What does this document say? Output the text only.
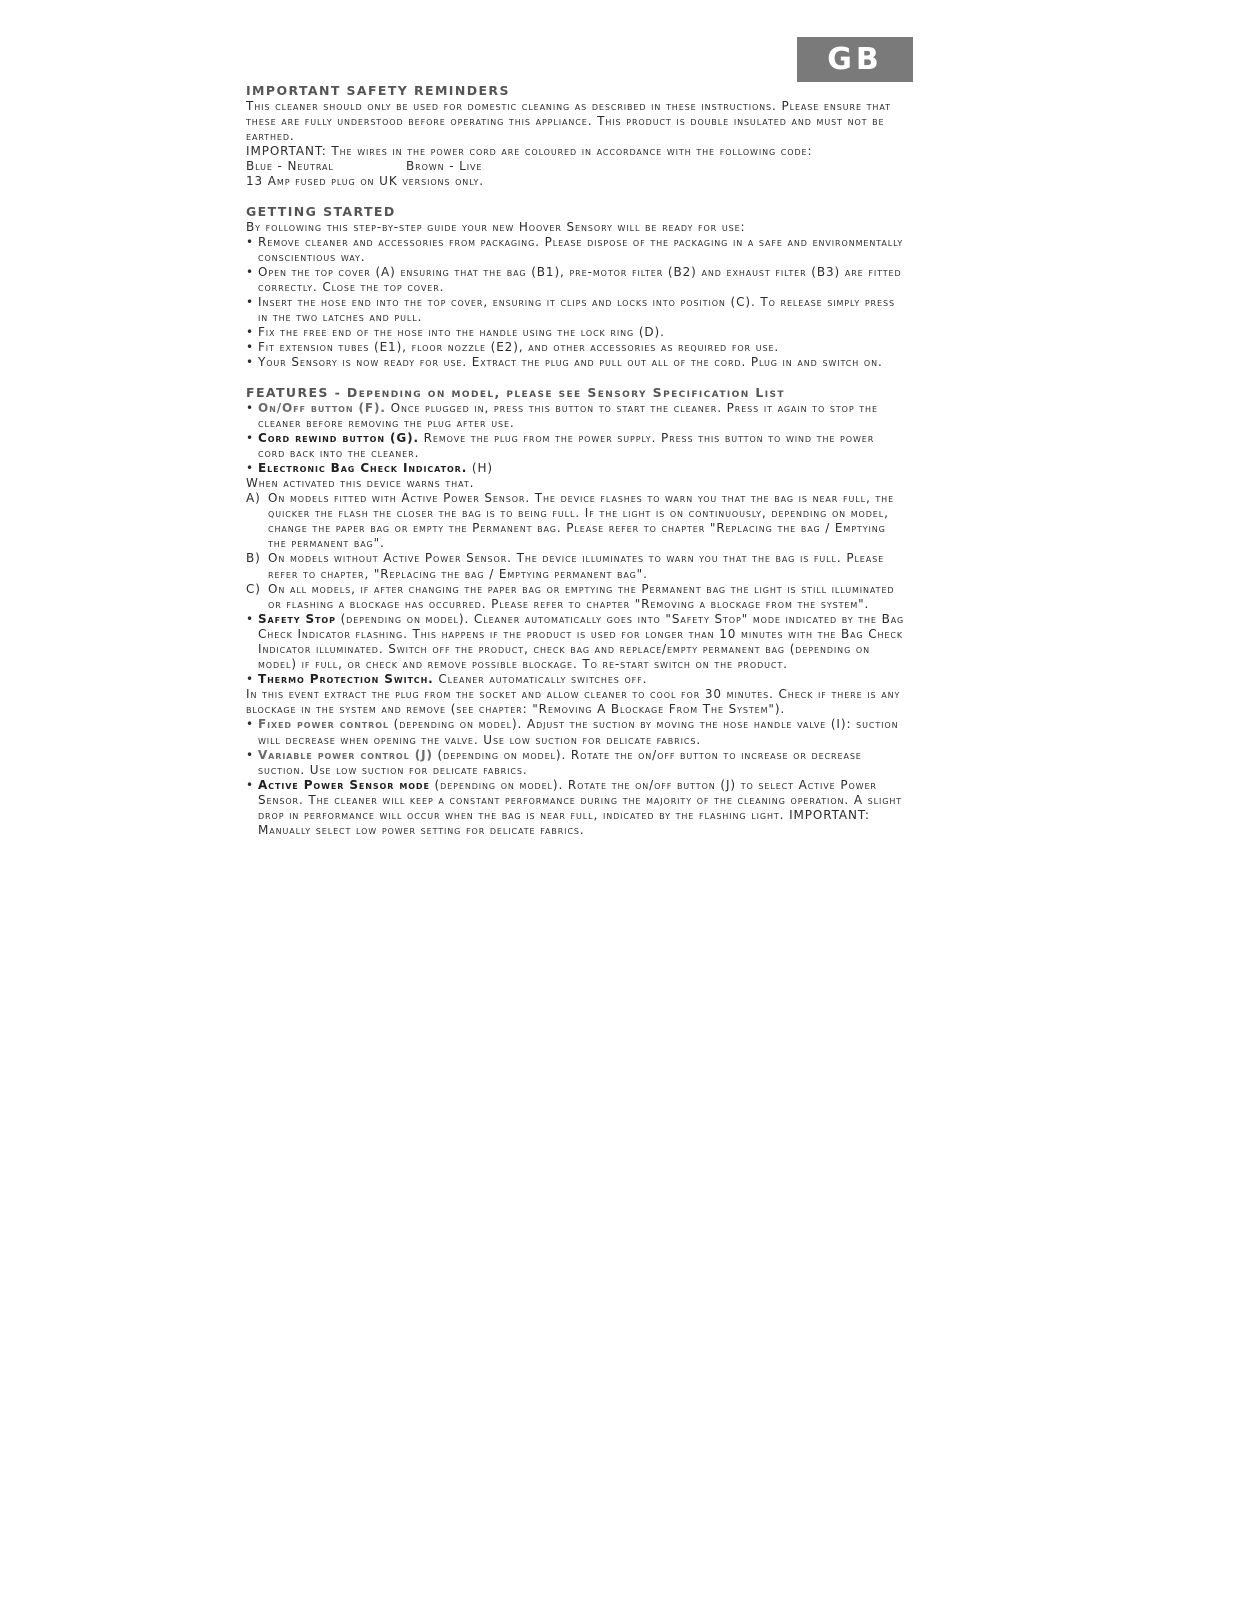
GB
IMPORTANT SAFETY REMINDERS

This cleaner should only be used for domestic cleaning as described in these instructions. Please ensure that these are fully understood before operating this appliance. This product is double insulated and must not be earthed.

IMPORTANT: The wires in the power cord are coloured in accordance with the following code:

Blue - Neutral	Brown - Live

13 Amp fused plug on UK versions only.

GETTING STARTED

By following this step-by-step guide your new Hoover Sensory will be ready for use:

• Remove cleaner and accessories from packaging. Please dispose of the packaging in a safe and environmentally conscientious way.
• Open the top cover (A) ensuring that the bag (B1), pre-motor filter (B2) and exhaust filter (B3) are fitted correctly. Close the top cover.
• Insert the hose end into the top cover, ensuring it clips and locks into position (C). To release simply press in the two latches and pull.
• Fix the free end of the hose into the handle using the lock ring (D).
• Fit extension tubes (E1), floor nozzle (E2), and other accessories as required for use.
• Your Sensory is now ready for use. Extract the plug and pull out all of the cord. Plug in and switch on.
FEATURES - Depending on model, please see Sensory Specification List
• On/Off button (F). Once plugged in, press this button to start the cleaner. Press it again to stop the cleaner before removing the plug after use.
• Cord rewind button (G). Remove the plug from the power supply. Press this button to wind the power cord back into the cleaner.
• Electronic Bag Check Indicator. (H)

When activated this device warns that.

A) On models fitted with Active Power Sensor. The device flashes to warn you that the bag is near full, the quicker the flash the closer the bag is to being full. If the light is on continuously, depending on model, change the paper bag or empty the Permanent bag. Please refer to chapter "Replacing the bag / Emptying the permanent bag".
B) On models without Active Power Sensor. The device illuminates to warn you that the bag is full. Please refer to chapter, "Replacing the bag / Emptying permanent bag".
C) On all models, if after changing the paper bag or emptying the Permanent bag the light is still illuminated or flashing a blockage has occurred. Please refer to chapter "Removing a blockage from the system".
• Safety Stop (depending on model). Cleaner automatically goes into "Safety Stop" mode indicated by the Bag Check Indicator flashing. This happens if the product is used for longer than 10 minutes with the Bag Check Indicator illuminated. Switch off the product, check bag and replace/empty permanent bag (depending on model) if full, or check and remove possible blockage. To re-start switch on the product.
• Thermo Protection Switch. Cleaner automatically switches off.

In this event extract the plug from the socket and allow cleaner to cool for 30 minutes. Check if there is any blockage in the system and remove (see chapter: "Removing A Blockage From The System").

• Fixed power control (depending on model). Adjust the suction by moving the hose handle valve (I): suction will decrease when opening the valve. Use low suction for delicate fabrics.
• Variable power control (J) (depending on model). Rotate the on/off button to increase or decrease suction. Use low suction for delicate fabrics.
• Active Power Sensor mode (depending on model). Rotate the on/off button (J) to select Active Power Sensor. The cleaner will keep a constant performance during the majority of the cleaning operation. A slight drop in performance will occur when the bag is near full, indicated by the flashing light. IMPORTANT: Manually select low power setting for delicate fabrics.
